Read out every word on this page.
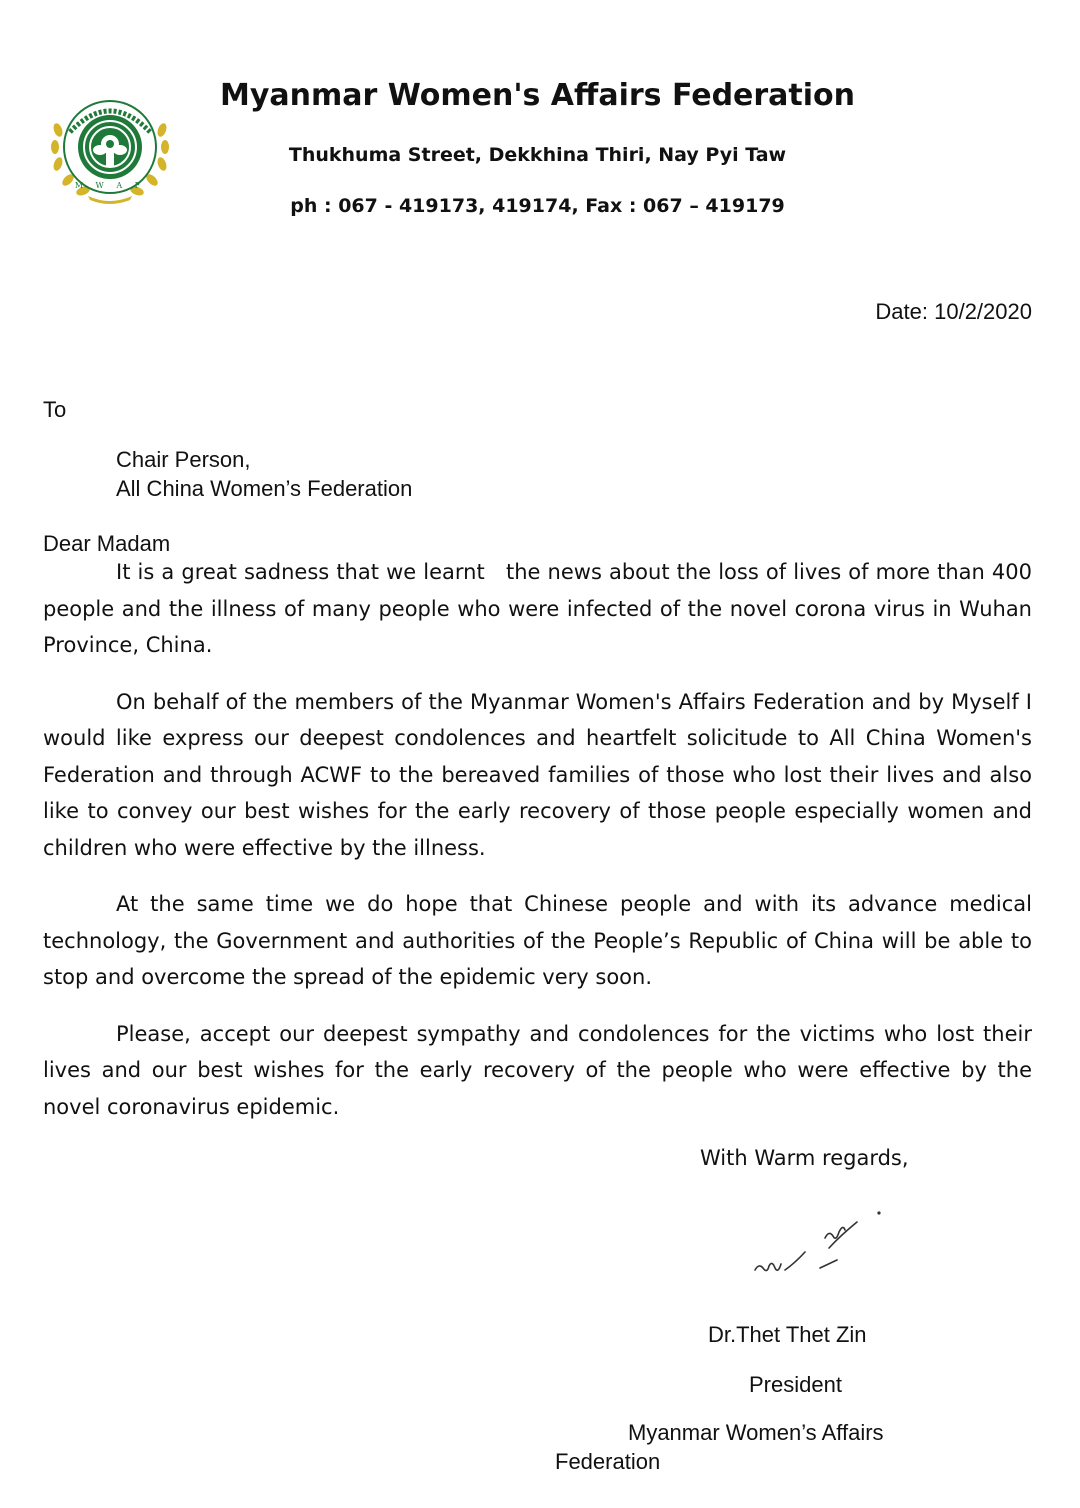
M W A F
Myanmar Women's Affairs Federation
Thukhuma Street, Dekkhina Thiri, Nay Pyi Taw
ph : 067 - 419173, 419174, Fax : 067 – 419179
Date: 10/2/2020
To
Chair Person,
All China Women’s Federation
Dear Madam

It is a great sadness that we learnt   the news about the loss of lives of more than 400 people and the illness of many people who were infected of the novel corona virus in Wuhan Province, China.

On behalf of the members of the Myanmar Women's Affairs Federation and by Myself I would like express our deepest condolences and heartfelt solicitude to All China Women's Federation and through ACWF to the bereaved families of those who lost their lives and also like to convey our best wishes for the early recovery of those people especially women and children who were effective by the illness.

At the same time we do hope that Chinese people and with its advance medical technology, the Government and authorities of the People’s Republic of China will be able to stop and overcome the spread of the epidemic very soon.

Please, accept our deepest sympathy and condolences for the victims who lost their lives and our best wishes for the early recovery of the people who were effective by the novel coronavirus epidemic.

With Warm regards,
Dr.Thet Thet Zin
President
Myanmar Women’s Affairs
Federation
